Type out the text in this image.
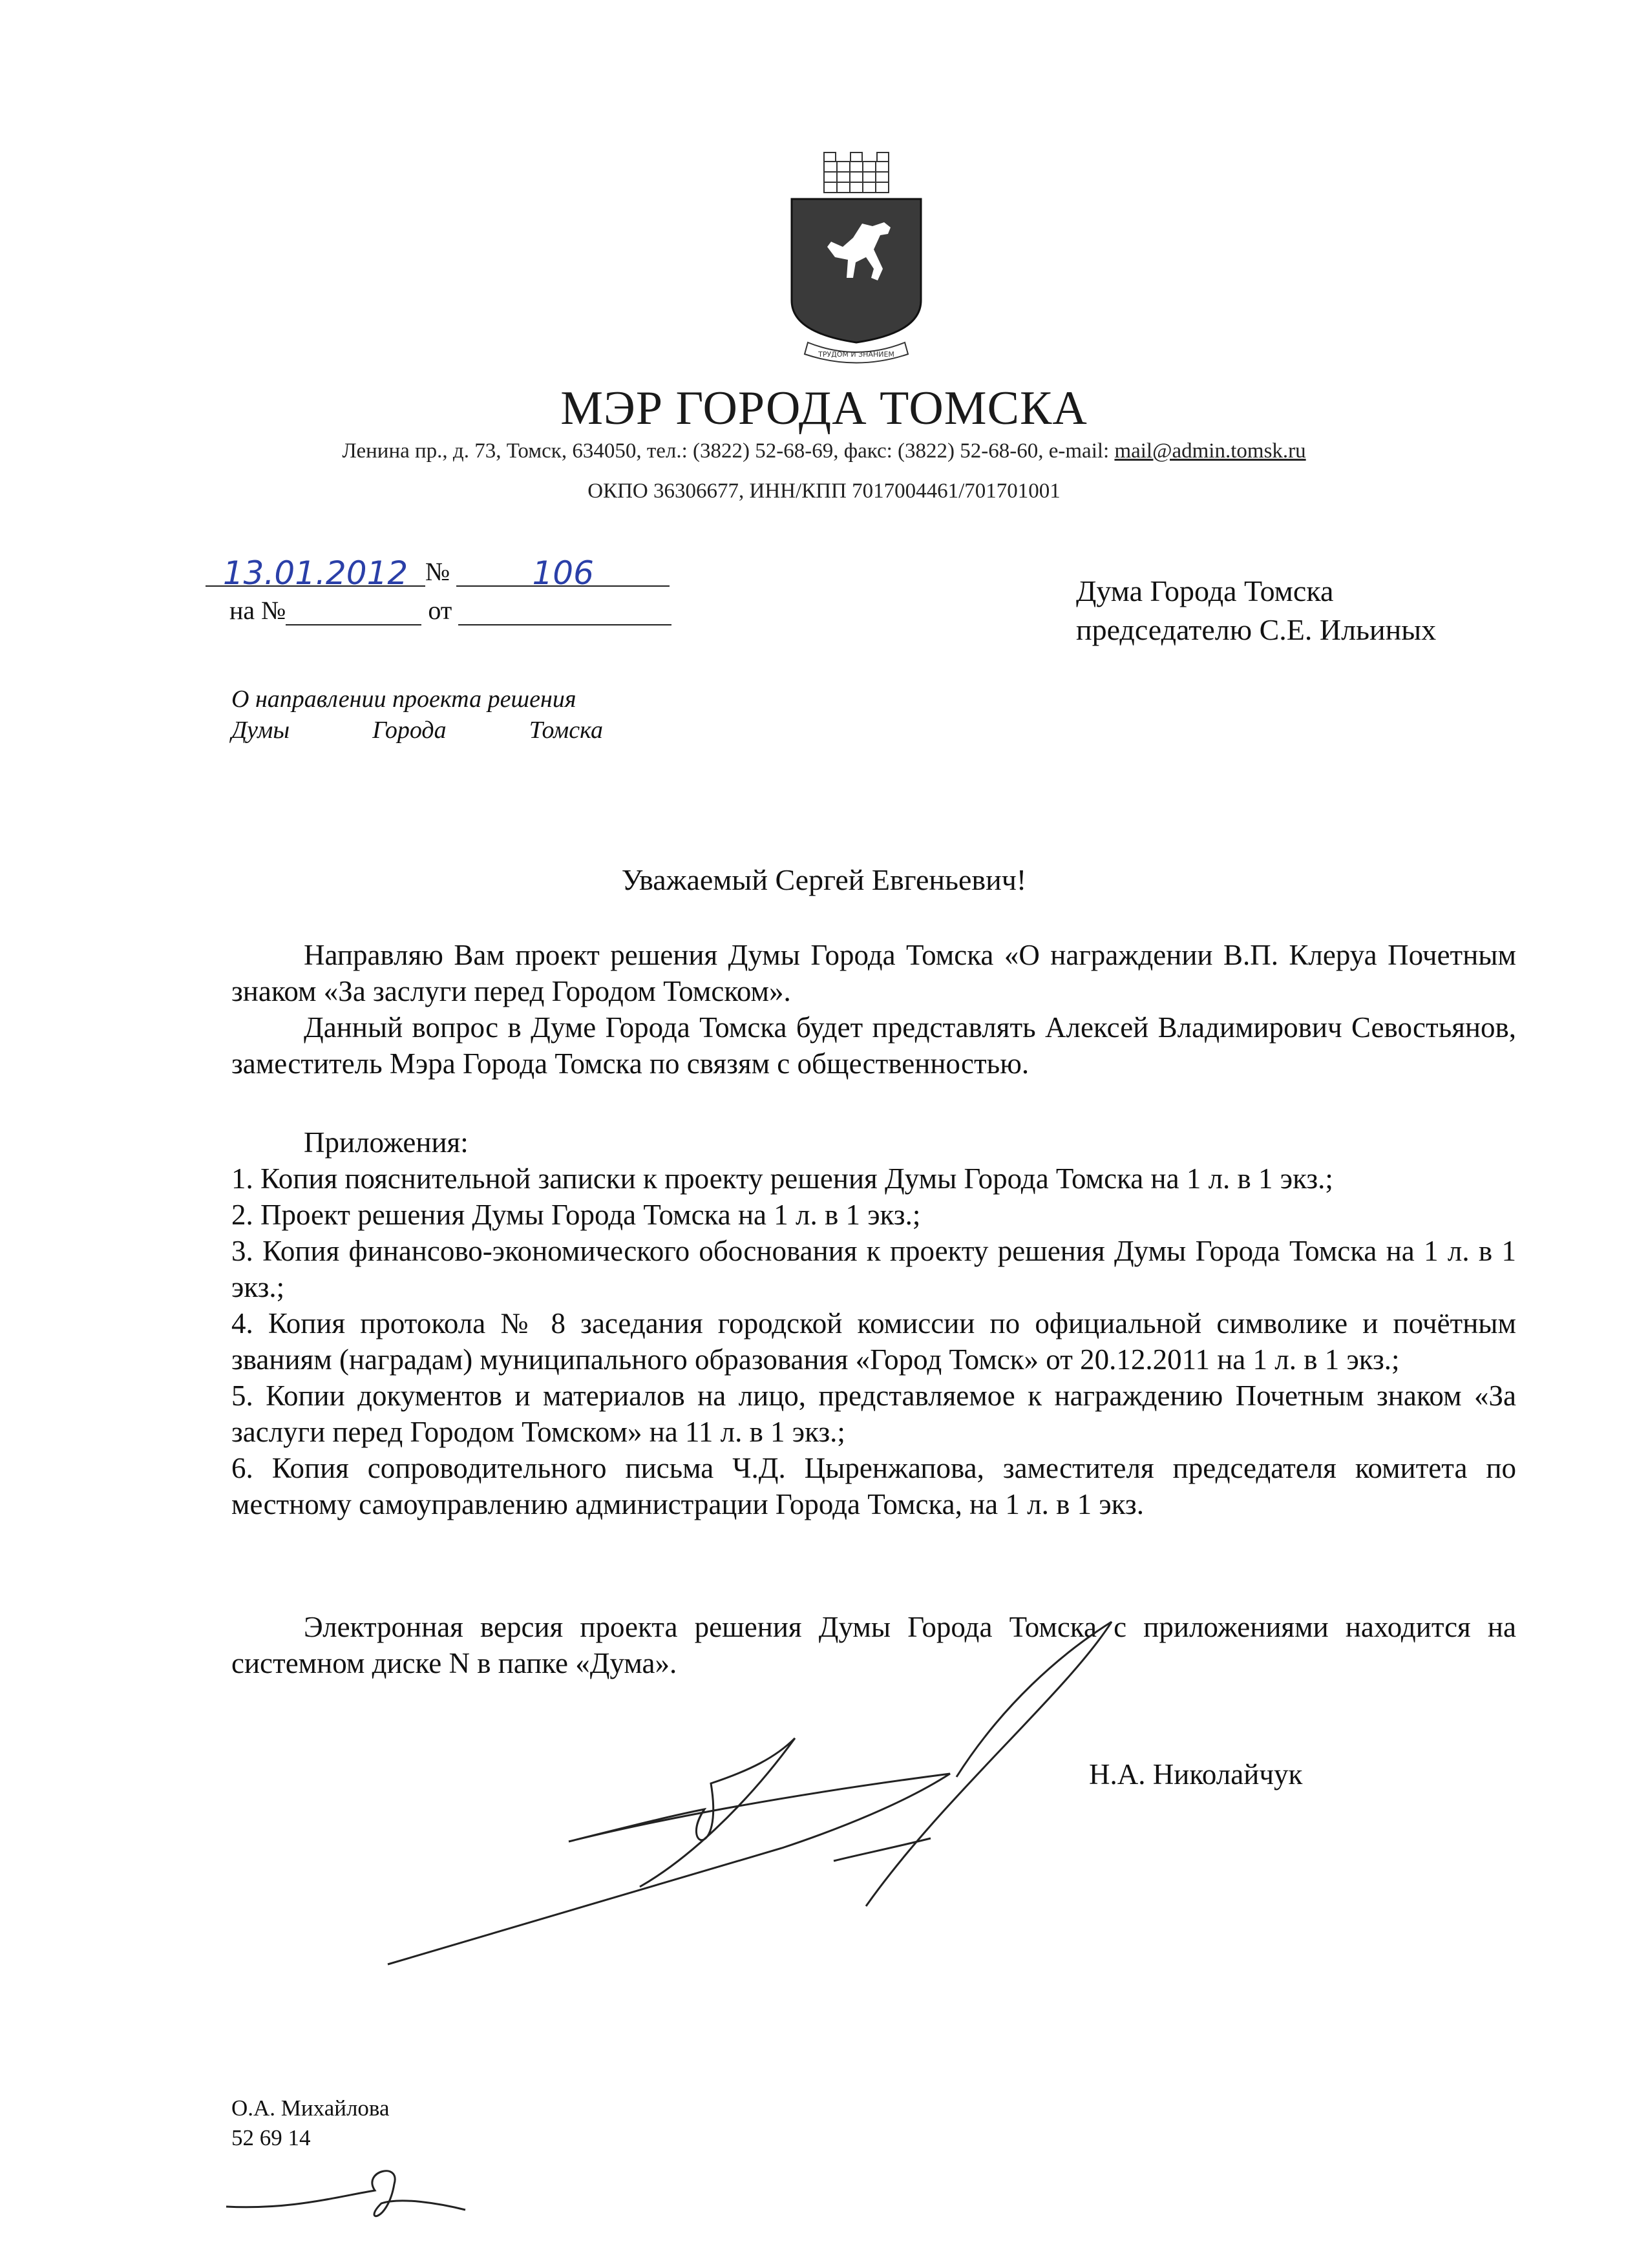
ТРУДОМ И ЗНАНИЕМ
МЭР ГОРОДА ТОМСКА
Ленина пр., д. 73, Томск, 634050, тел.: (3822) 52-68-69, факс: (3822) 52-68-60, e-mail: mail@admin.tomsk.ru
ОКПО 36306677, ИНН/КПП 7017004461/701701001
13.01.2012 №	106
на №	от
Дума Города Томска
председателю С.Е. Ильиных
О направлении проекта решения
Думы	Города	Томска
Уважаемый Сергей Евгеньевич!

Направляю Вам проект решения Думы Города Томска «О награждении В.П. Клеруа Почетным знаком «За заслуги перед Городом Томском».

Данный вопрос в Думе Города Томска будет представлять Алексей Владимирович Севостьянов, заместитель Мэра Города Томска по связям с общественностью.

Приложения:

1. Копия пояснительной записки к проекту решения Думы Города Томска на 1 л. в 1 экз.;

2. Проект решения Думы Города Томска на 1 л. в 1 экз.;

3. Копия финансово-экономического обоснования к проекту решения Думы Города Томска на 1 л. в 1 экз.;

4. Копия протокола № 8 заседания городской комиссии по официальной символике и почётным званиям (наградам) муниципального образования «Город Томск» от 20.12.2011 на 1 л. в 1 экз.;

5. Копии документов и материалов на лицо, представляемое к награждению Почетным знаком «За заслуги перед Городом Томском» на 11 л. в 1 экз.;

6. Копия сопроводительного письма Ч.Д. Цыренжапова, заместителя председателя комитета по местному самоуправлению администрации Города Томска, на 1 л. в 1 экз.

Электронная версия проекта решения Думы Города Томска с приложениями находится на системном диске N в папке «Дума».

Н.А. Николайчук
О.А. Михайлова
52 69 14
